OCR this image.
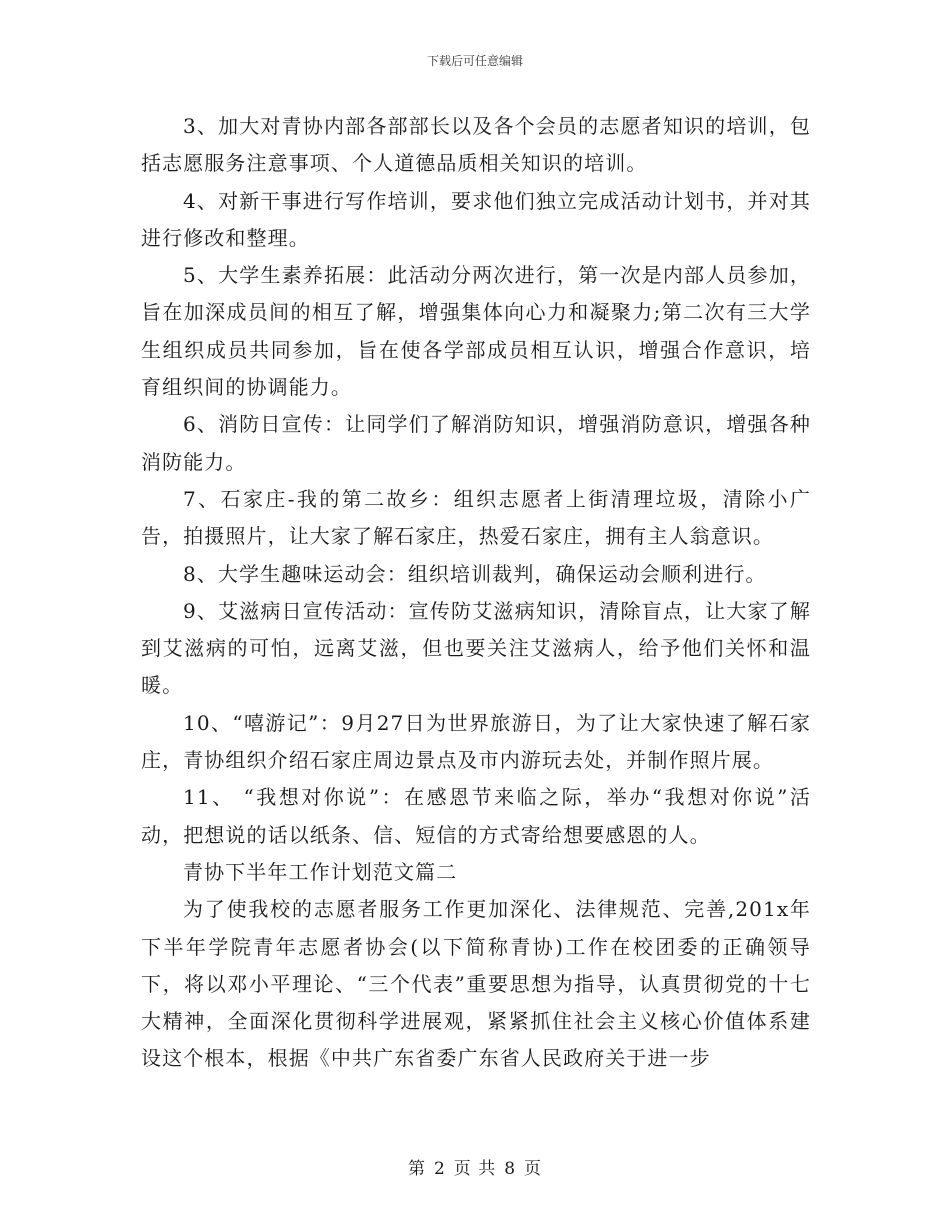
下载后可任意编辑

3、加大对青协内部各部部长以及各个会员的志愿者知识的培训，包括志愿服务注意事项、个人道德品质相关知识的培训。

4、对新干事进行写作培训，要求他们独立完成活动计划书，并对其进行修改和整理。

5、大学生素养拓展：此活动分两次进行，第一次是内部人员参加，旨在加深成员间的相互了解，增强集体向心力和凝聚力;第二次有三大学生组织成员共同参加，旨在使各学部成员相互认识，增强合作意识，培育组织间的协调能力。

6、消防日宣传：让同学们了解消防知识，增强消防意识，增强各种消防能力。

7、石家庄-我的第二故乡：组织志愿者上街清理垃圾，清除小广告，拍摄照片，让大家了解石家庄，热爱石家庄，拥有主人翁意识。

8、大学生趣味运动会：组织培训裁判，确保运动会顺利进行。

9、艾滋病日宣传活动：宣传防艾滋病知识，清除盲点，让大家了解到艾滋病的可怕，远离艾滋，但也要关注艾滋病人，给予他们关怀和温暖。

10、“嘻游记”：9月27日为世界旅游日，为了让大家快速了解石家庄，青协组织介绍石家庄周边景点及市内游玩去处，并制作照片展。

11、 “我想对你说”：在感恩节来临之际，举办“我想对你说”活动，把想说的话以纸条、信、短信的方式寄给想要感恩的人。

青协下半年工作计划范文篇二

为了使我校的志愿者服务工作更加深化、法律规范、完善,201x年下半年学院青年志愿者协会(以下简称青协)工作在校团委的正确领导下，将以邓小平理论、“三个代表”重要思想为指导，认真贯彻党的十七大精神，全面深化贯彻科学进展观，紧紧抓住社会主义核心价值体系建设这个根本，根据《中共广东省委广东省人民政府关于进一步

第 2 页 共 8 页
